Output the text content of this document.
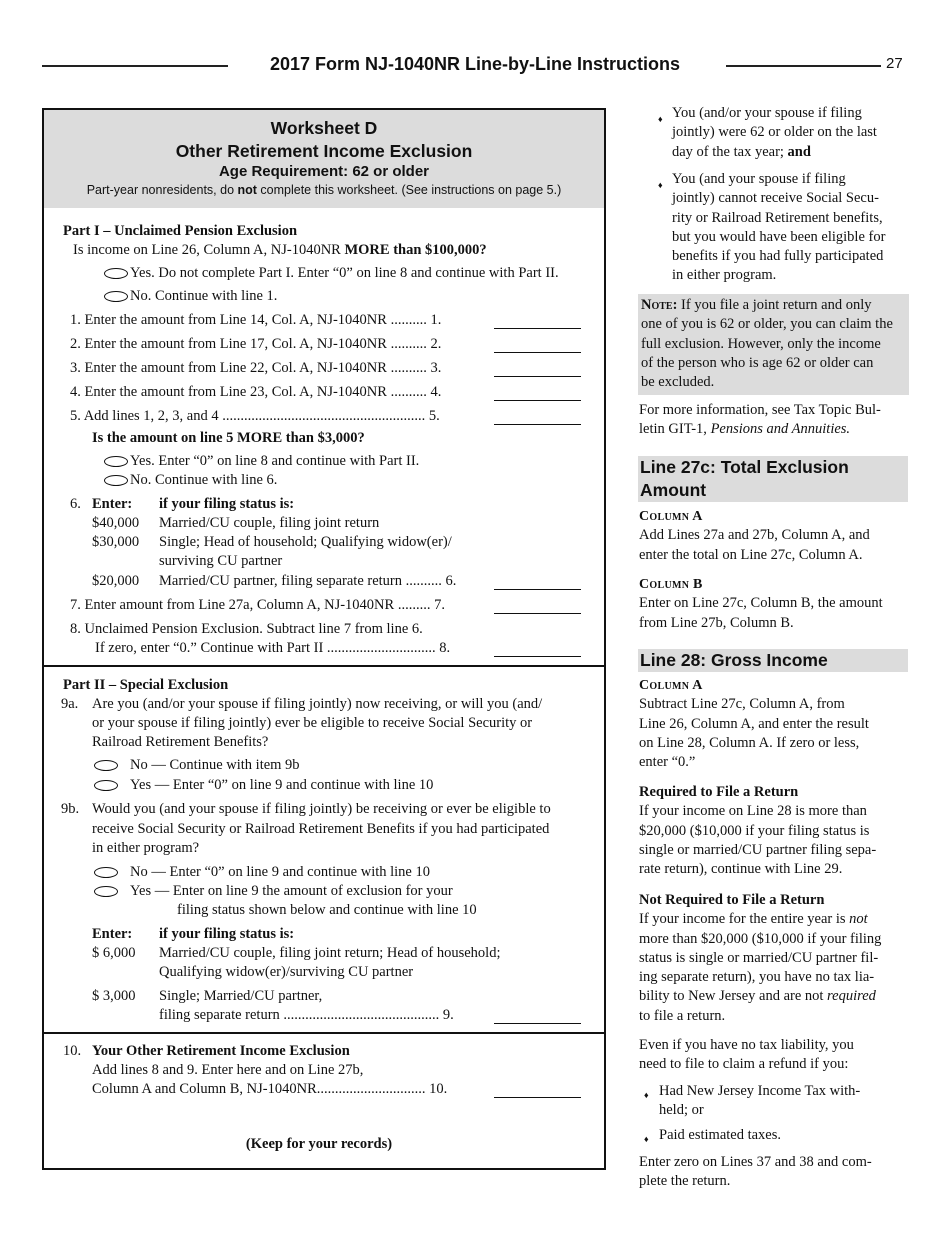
2017 Form NJ-1040NR Line-by-Line Instructions	27
Worksheet D
Other Retirement Income Exclusion
Age Requirement: 62 or older
Part-year nonresidents, do not complete this worksheet. (See instructions on page 5.)
Part I – Unclaimed Pension Exclusion
Is income on Line 26, Column A, NJ-1040NR MORE than $100,000?
Yes. Do not complete Part I. Enter “0” on line 8 and continue with Part II.
No. Continue with line 1.
1. Enter the amount from Line 14, Col. A, NJ-1040NR .......... 1.
2. Enter the amount from Line 17, Col. A, NJ-1040NR .......... 2.
3. Enter the amount from Line 22, Col. A, NJ-1040NR .......... 3.
4. Enter the amount from Line 23, Col. A, NJ-1040NR .......... 4.
5. Add lines 1, 2, 3, and 4 ........................................................ 5.
Is the amount on line 5 MORE than $3,000?
Yes. Enter “0” on line 8 and continue with Part II.
No. Continue with line 6.
6. Enter: if your filing status is:
$40,000 Married/CU couple, filing joint return
$30,000 Single; Head of household; Qualifying widow(er)/
surviving CU partner
$20,000 Married/CU partner, filing separate return .......... 6.
7. Enter amount from Line 27a, Column A, NJ-1040NR ......... 7.
8. Unclaimed Pension Exclusion. Subtract line 7 from line 6.
If zero, enter “0.” Continue with Part II .............................. 8.
Part II – Special Exclusion
9a. Are you (and/or your spouse if filing jointly) now receiving, or will you (and/
or your spouse if filing jointly) ever be eligible to receive Social Security or
Railroad Retirement Benefits?
No — Continue with item 9b
Yes — Enter “0” on line 9 and continue with line 10
9b. Would you (and your spouse if filing jointly) be receiving or ever be eligible to
receive Social Security or Railroad Retirement Benefits if you had participated
in either program?
No — Enter “0” on line 9 and continue with line 10
Yes — Enter on line 9 the amount of exclusion for your
filing status shown below and continue with line 10
Enter: if your filing status is:
$ 6,000 Married/CU couple, filing joint return; Head of household;
Qualifying widow(er)/surviving CU partner
$ 3,000 Single; Married/CU partner,
filing separate return ........................................... 9.
10. Your Other Retirement Income Exclusion
Add lines 8 and 9. Enter here and on Line 27b,
Column A and Column B, NJ-1040NR.............................. 10.
(Keep for your records)
♦ You (and/or your spouse if filing
jointly) were 62 or older on the last
day of the tax year; and
♦ You (and your spouse if filing
jointly) cannot receive Social Secu-
rity or Railroad Retirement benefits,
but you would have been eligible for
benefits if you had fully participated
in either program.
Note: If you file a joint return and only
one of you is 62 or older, you can claim the
full exclusion. However, only the income
of the person who is age 62 or older can
be excluded.
For more information, see Tax Topic Bul-
letin GIT-1, Pensions and Annuities.
Line 27c: Total Exclusion
Amount
Column A
Add Lines 27a and 27b, Column A, and
enter the total on Line 27c, Column A.
Column B
Enter on Line 27c, Column B, the amount
from Line 27b, Column B.
Line 28: Gross Income
Column A
Subtract Line 27c, Column A, from
Line 26, Column A, and enter the result
on Line 28, Column A. If zero or less,
enter “0.”
Required to File a Return
If your income on Line 28 is more than
$20,000 ($10,000 if your filing status is
single or married/CU partner filing sepa-
rate return), continue with Line 29.
Not Required to File a Return
If your income for the entire year is not
more than $20,000 ($10,000 if your filing
status is single or married/CU partner fil-
ing separate return), you have no tax lia-
bility to New Jersey and are not required
to file a return.
Even if you have no tax liability, you
need to file to claim a refund if you:
♦ Had New Jersey Income Tax with-
held; or
♦ Paid estimated taxes.
Enter zero on Lines 37 and 38 and com-
plete the return.
